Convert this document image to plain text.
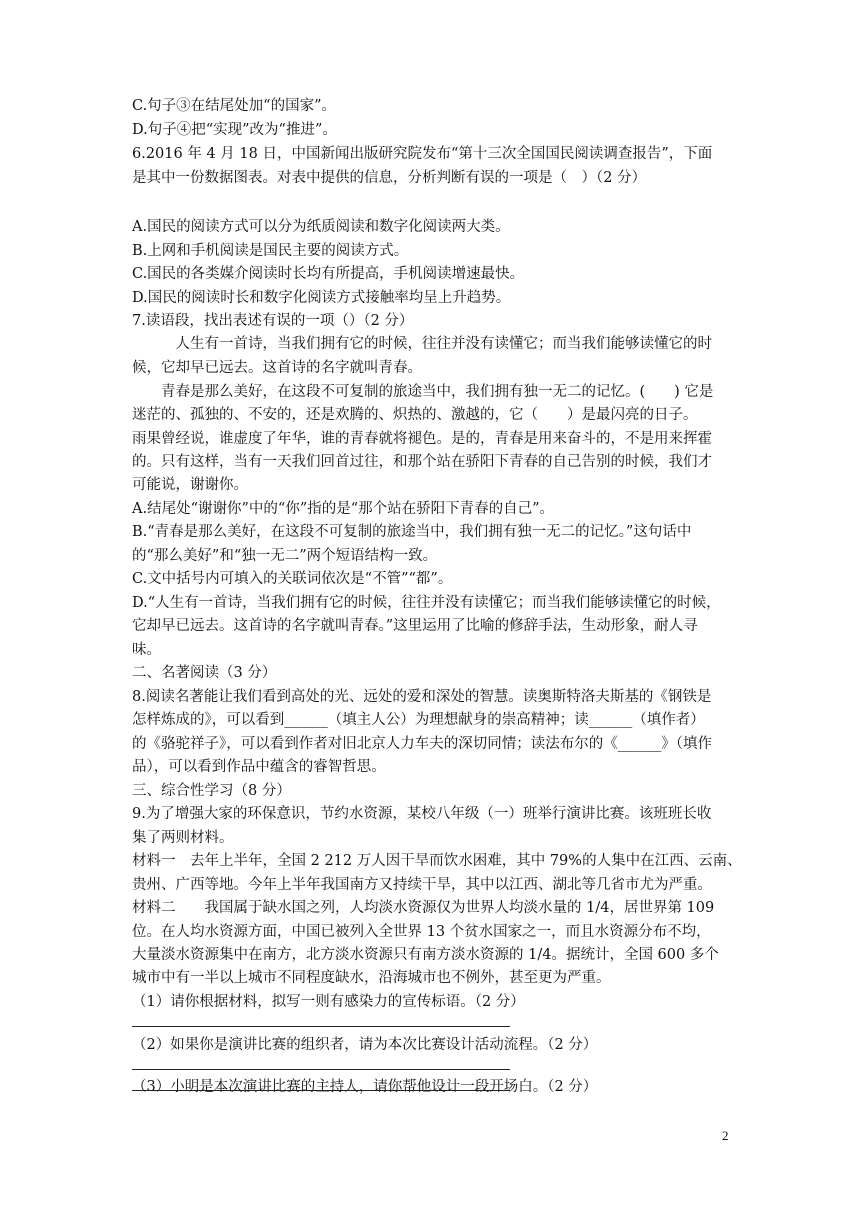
C.句子③在结尾处加“的国家”。
D.句子④把“实现”改为“推进”。
6.2016 年 4 月 18 日，中国新闻出版研究院发布“第十三次全国国民阅读调查报告”，下面
是其中一份数据图表。对表中提供的信息，分析判断有误的一项是（　）（2 分）
A.国民的阅读方式可以分为纸质阅读和数字化阅读两大类。
B.上网和手机阅读是国民主要的阅读方式。
C.国民的各类媒介阅读时长均有所提高，手机阅读增速最快。
D.国民的阅读时长和数字化阅读方式接触率均呈上升趋势。
7.读语段，找出表述有误的一项（）（2 分）
　　　人生有一首诗，当我们拥有它的时候，往往并没有读懂它；而当我们能够读懂它的时
候，它却早已远去。这首诗的名字就叫青春。
　　青春是那么美好，在这段不可复制的旅途当中，我们拥有独一无二的记忆。(　　) 它是
迷茫的、孤独的、不安的，还是欢腾的、炽热的、激越的，它（　　）是最闪亮的日子。
雨果曾经说，谁虚度了年华，谁的青春就将褪色。是的，青春是用来奋斗的，不是用来挥霍
的。只有这样，当有一天我们回首过往，和那个站在骄阳下青春的自己告别的时候，我们才
可能说，谢谢你。
A.结尾处“谢谢你”中的“你”指的是“那个站在骄阳下青春的自己”。
B.“青春是那么美好，在这段不可复制的旅途当中，我们拥有独一无二的记忆。”这句话中
的“那么美好”和“独一无二”两个短语结构一致。
C.文中括号内可填入的关联词依次是“不管”“都”。
D.“人生有一首诗，当我们拥有它的时候，往往并没有读懂它；而当我们能够读懂它的时候，
它却早已远去。这首诗的名字就叫青春。”这里运用了比喻的修辞手法，生动形象，耐人寻
味。
二、名著阅读（3 分）
8.阅读名著能让我们看到高处的光、远处的爱和深处的智慧。读奥斯特洛夫斯基的《钢铁是
怎样炼成的》，可以看到______（填主人公）为理想献身的崇高精神；读______（填作者）
的《骆驼祥子》，可以看到作者对旧北京人力车夫的深切同情；读法布尔的《______》（填作
品），可以看到作品中蕴含的睿智哲思。
三、综合性学习（8 分）
9.为了增强大家的环保意识，节约水资源，某校八年级（一）班举行演讲比赛。该班班长收
集了两则材料。
材料一　去年上半年，全国 2 212 万人因干旱而饮水困难，其中 79%的人集中在江西、云南、
贵州、广西等地。今年上半年我国南方又持续干旱，其中以江西、湖北等几省市尤为严重。
材料二　　我国属于缺水国之列，人均淡水资源仅为世界人均淡水量的 1/4，居世界第 109
位。在人均水资源方面，中国已被列入全世界 13 个贫水国家之一，而且水资源分布不均，
大量淡水资源集中在南方，北方淡水资源只有南方淡水资源的 1/4。据统计，全国 600 多个
城市中有一半以上城市不同程度缺水，沿海城市也不例外，甚至更为严重。
（1）请你根据材料，拟写一则有感染力的宣传标语。（2 分）
（2）如果你是演讲比赛的组织者，请为本次比赛设计活动流程。（2 分）
（3）小明是本次演讲比赛的主持人，请你帮他设计一段开场白。（2 分）
2
